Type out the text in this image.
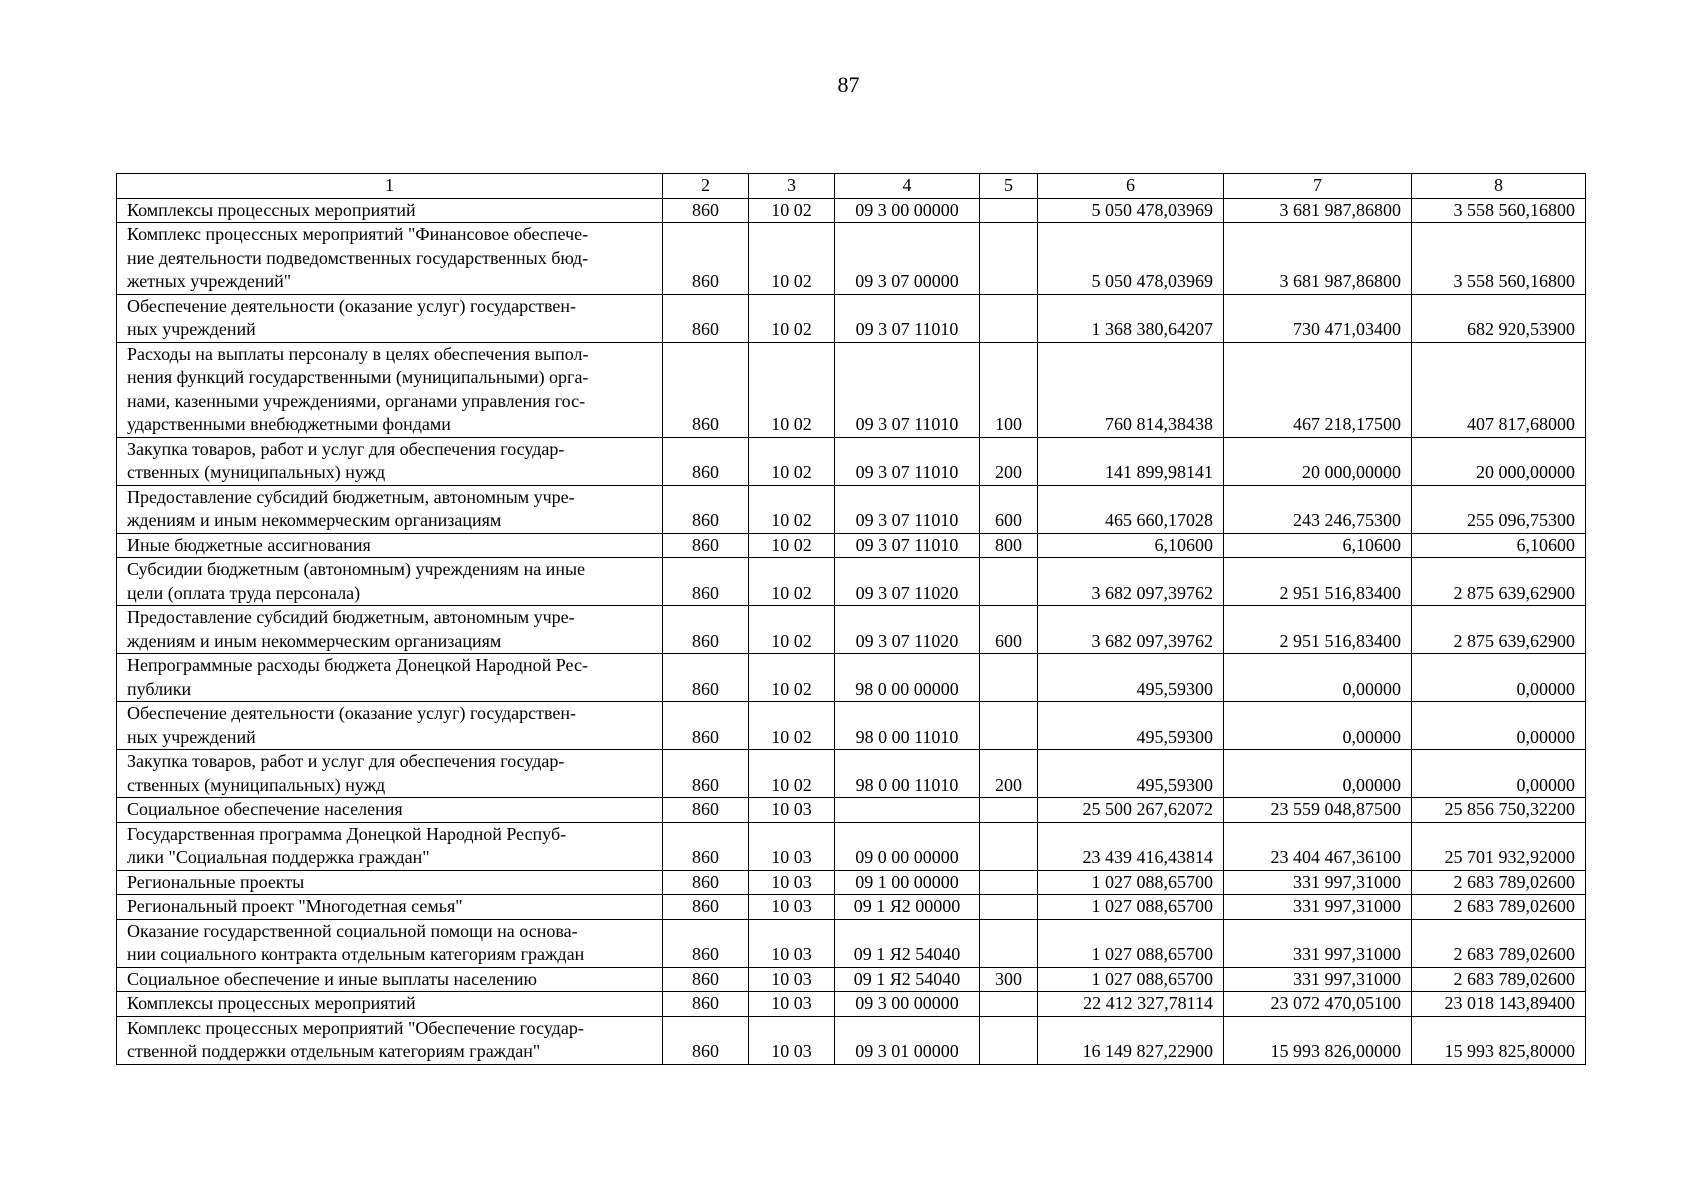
87
1	2	3	4	5	6	7	8

Комплексы процессных мероприятий	860	10 02	09 3 00 00000		5 050 478,03969	3 681 987,86800	3 558 560,16800

Комплекс процессных мероприятий "Финансовое обеспече-
ние деятельности подведомственных государственных бюд-
жетных учреждений"	860	10 02	09 3 07 00000		5 050 478,03969	3 681 987,86800	3 558 560,16800

Обеспечение деятельности (оказание услуг) государствен-
ных учреждений	860	10 02	09 3 07 11010		1 368 380,64207	730 471,03400	682 920,53900

Расходы на выплаты персоналу в целях обеспечения выпол-
нения функций государственными (муниципальными) орга-
нами, казенными учреждениями, органами управления гос-
ударственными внебюджетными фондами	860	10 02	09 3 07 11010	100	760 814,38438	467 218,17500	407 817,68000

Закупка товаров, работ и услуг для обеспечения государ-
ственных (муниципальных) нужд	860	10 02	09 3 07 11010	200	141 899,98141	20 000,00000	20 000,00000

Предоставление субсидий бюджетным, автономным учре-
ждениям и иным некоммерческим организациям	860	10 02	09 3 07 11010	600	465 660,17028	243 246,75300	255 096,75300

Иные бюджетные ассигнования	860	10 02	09 3 07 11010	800	6,10600	6,10600	6,10600

Субсидии бюджетным (автономным) учреждениям на иные
цели (оплата труда персонала)	860	10 02	09 3 07 11020		3 682 097,39762	2 951 516,83400	2 875 639,62900

Предоставление субсидий бюджетным, автономным учре-
ждениям и иным некоммерческим организациям	860	10 02	09 3 07 11020	600	3 682 097,39762	2 951 516,83400	2 875 639,62900

Непрограммные расходы бюджета Донецкой Народной Рес-
публики	860	10 02	98 0 00 00000		495,59300	0,00000	0,00000

Обеспечение деятельности (оказание услуг) государствен-
ных учреждений	860	10 02	98 0 00 11010		495,59300	0,00000	0,00000

Закупка товаров, работ и услуг для обеспечения государ-
ственных (муниципальных) нужд	860	10 02	98 0 00 11010	200	495,59300	0,00000	0,00000

Социальное обеспечение населения	860	10 03			25 500 267,62072	23 559 048,87500	25 856 750,32200

Государственная программа Донецкой Народной Респуб-
лики "Социальная поддержка граждан"	860	10 03	09 0 00 00000		23 439 416,43814	23 404 467,36100	25 701 932,92000

Региональные проекты	860	10 03	09 1 00 00000		1 027 088,65700	331 997,31000	2 683 789,02600

Региональный проект "Многодетная семья"	860	10 03	09 1 Я2 00000		1 027 088,65700	331 997,31000	2 683 789,02600

Оказание государственной социальной помощи на основа-
нии социального контракта отдельным категориям граждан	860	10 03	09 1 Я2 54040		1 027 088,65700	331 997,31000	2 683 789,02600

Социальное обеспечение и иные выплаты населению	860	10 03	09 1 Я2 54040	300	1 027 088,65700	331 997,31000	2 683 789,02600

Комплексы процессных мероприятий	860	10 03	09 3 00 00000		22 412 327,78114	23 072 470,05100	23 018 143,89400

Комплекс процессных мероприятий "Обеспечение государ-
ственной поддержки отдельным категориям граждан"	860	10 03	09 3 01 00000		16 149 827,22900	15 993 826,00000	15 993 825,80000
